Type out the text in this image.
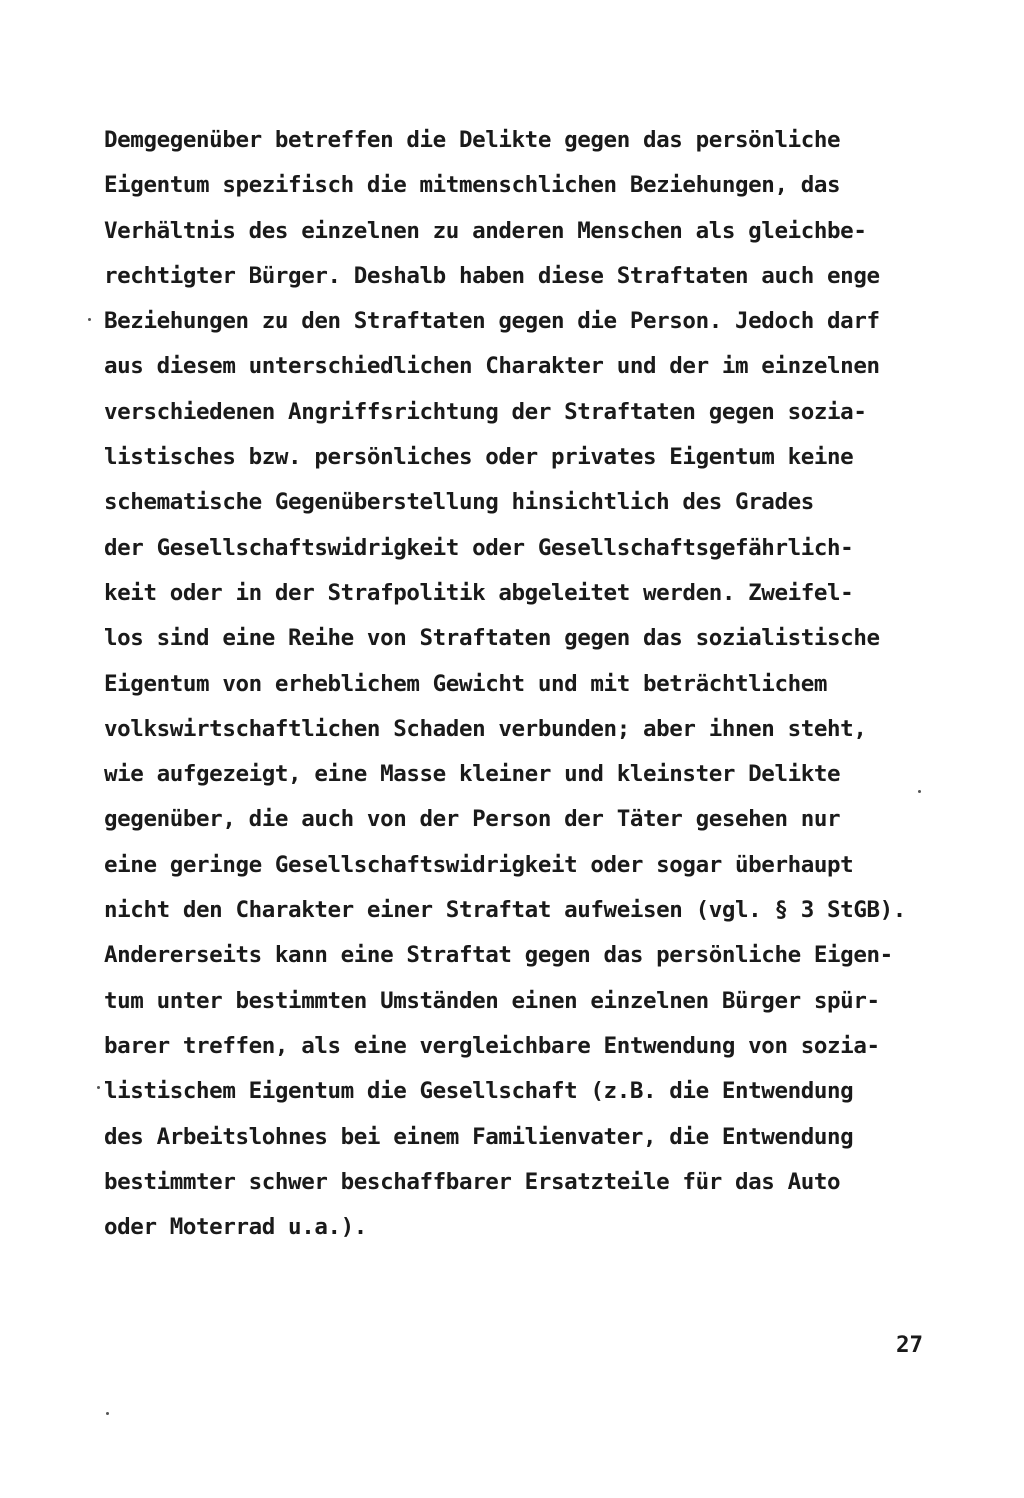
Demgegenüber betreffen die Delikte gegen das persönliche
Eigentum spezifisch die mitmenschlichen Beziehungen, das
Verhältnis des einzelnen zu anderen Menschen als gleichbe-
rechtigter Bürger. Deshalb haben diese Straftaten auch enge
Beziehungen zu den Straftaten gegen die Person. Jedoch darf
aus diesem unterschiedlichen Charakter und der im einzelnen
verschiedenen Angriffsrichtung der Straftaten gegen sozia-
listisches bzw. persönliches oder privates Eigentum keine
schematische Gegenüberstellung hinsichtlich des Grades
der Gesellschaftswidrigkeit oder Gesellschaftsgefährlich-
keit oder in der Strafpolitik abgeleitet werden. Zweifel-
los sind eine Reihe von Straftaten gegen das sozialistische
Eigentum von erheblichem Gewicht und mit beträchtlichem
volkswirtschaftlichen Schaden verbunden; aber ihnen steht,
wie aufgezeigt, eine Masse kleiner und kleinster Delikte
gegenüber, die auch von der Person der Täter gesehen nur
eine geringe Gesellschaftswidrigkeit oder sogar überhaupt
nicht den Charakter einer Straftat aufweisen (vgl. § 3 StGB).
Andererseits kann eine Straftat gegen das persönliche Eigen-
tum unter bestimmten Umständen einen einzelnen Bürger spür-
barer treffen, als eine vergleichbare Entwendung von sozia-
listischem Eigentum die Gesellschaft (z.B. die Entwendung
des Arbeitslohnes bei einem Familienvater, die Entwendung
bestimmter schwer beschaffbarer Ersatzteile für das Auto
oder Moterrad u.a.).
27
